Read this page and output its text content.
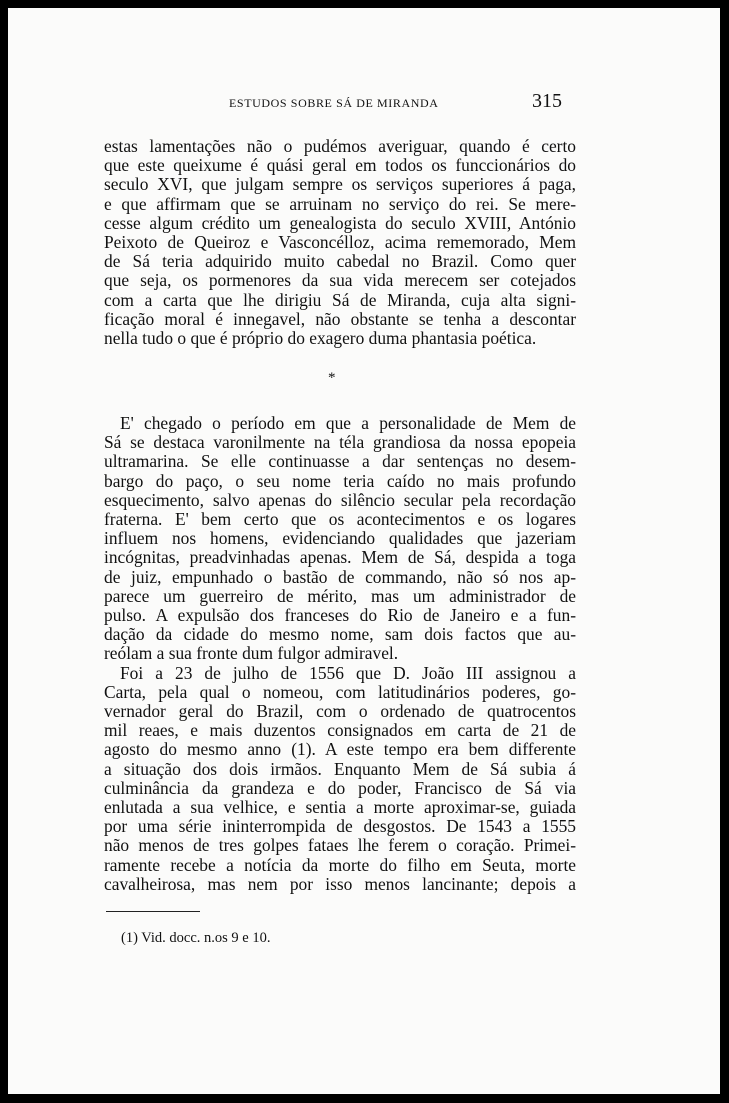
ESTUDOS SOBRE SÁ DE MIRANDA	315

estas lamentações não o pudémos averiguar, quando é certo
que este queixume é quási geral em todos os funccionários do
seculo XVI, que julgam sempre os serviços superiores á paga,
e que affirmam que se arruinam no serviço do rei. Se mere-
cesse algum crédito um genealogista do seculo XVIII, António
Peixoto de Queiroz e Vasconcélloz, acima rememorado, Mem
de Sá teria adquirido muito cabedal no Brazil. Como quer
que seja, os pormenores da sua vida merecem ser cotejados
com a carta que lhe dirigiu Sá de Miranda, cuja alta signi-
ficação moral é innegavel, não obstante se tenha a descontar
nella tudo o que é próprio do exagero duma phantasia poética.

*

E' chegado o período em que a personalidade de Mem de
Sá se destaca varonilmente na téla grandiosa da nossa epopeia
ultramarina. Se elle continuasse a dar sentenças no desem-
bargo do paço, o seu nome teria caído no mais profundo
esquecimento, salvo apenas do silêncio secular pela recordação
fraterna. E' bem certo que os acontecimentos e os logares
influem nos homens, evidenciando qualidades que jazeriam
incógnitas, preadvinhadas apenas. Mem de Sá, despida a toga
de juiz, empunhado o bastão de commando, não só nos ap-
parece um guerreiro de mérito, mas um administrador de
pulso. A expulsão dos franceses do Rio de Janeiro e a fun-
dação da cidade do mesmo nome, sam dois factos que au-
reólam a sua fronte dum fulgor admiravel.

Foi a 23 de julho de 1556 que D. João III assignou a
Carta, pela qual o nomeou, com latitudinários poderes, go-
vernador geral do Brazil, com o ordenado de quatrocentos
mil reaes, e mais duzentos consignados em carta de 21 de
agosto do mesmo anno (1). A este tempo era bem differente
a situação dos dois irmãos. Enquanto Mem de Sá subia á
culminância da grandeza e do poder, Francisco de Sá via
enlutada a sua velhice, e sentia a morte aproximar-se, guiada
por uma série ininterrompida de desgostos. De 1543 a 1555
não menos de tres golpes fataes lhe ferem o coração. Primei-
ramente recebe a notícia da morte do filho em Seuta, morte
cavalheirosa, mas nem por isso menos lancinante; depois a

(1) Vid. docc. n.os 9 e 10.
